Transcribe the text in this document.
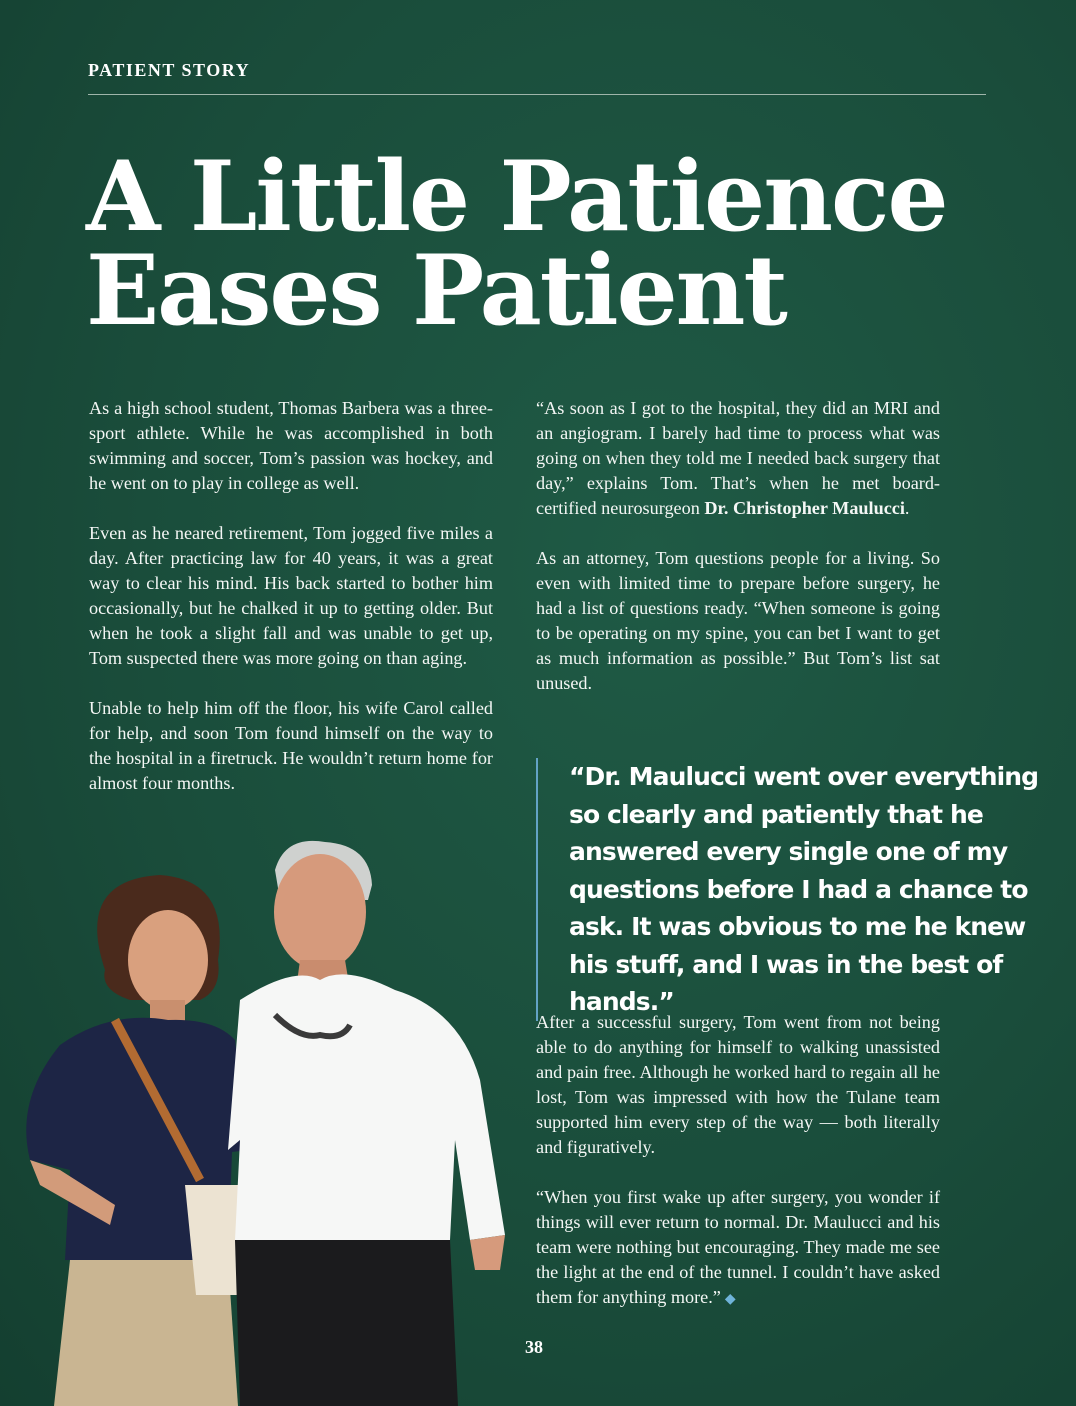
PATIENT STORY
A Little Patience
Eases Patient

As a high school student, Thomas Barbera was a three-sport athlete. While he was accomplished in both swimming and soccer, Tom’s passion was hockey, and he went on to play in college as well.

Even as he neared retirement, Tom jogged five miles a day. After practicing law for 40 years, it was a great way to clear his mind. His back started to bother him occasionally, but he chalked it up to getting older. But when he took a slight fall and was unable to get up, Tom suspected there was more going on than aging.

Unable to help him off the floor, his wife Carol called for help, and soon Tom found himself on the way to the hospital in a firetruck. He wouldn’t return home for almost four months.

“As soon as I got to the hospital, they did an MRI and an angiogram. I barely had time to process what was going on when they told me I needed back surgery that day,” explains Tom. That’s when he met board-certified neurosurgeon Dr. Christopher Maulucci.

As an attorney, Tom questions people for a living. So even with limited time to prepare before surgery, he had a list of questions ready. “When someone is going to be operating on my spine, you can bet I want to get as much information as possible.” But Tom’s list sat unused.

“Dr. Maulucci went over everything so clearly and patiently that he answered every single one of my questions before I had a chance to ask. It was obvious to me he knew his stuff, and I was in the best of hands.”

After a successful surgery, Tom went from not being able to do anything for himself to walking unassisted and pain free. Although he worked hard to regain all he lost, Tom was impressed with how the Tulane team supported him every step of the way — both literally and figuratively.

“When you first wake up after surgery, you wonder if things will ever return to normal. Dr. Maulucci and his team were nothing but encouraging. They made me see the light at the end of the tunnel. I couldn’t have asked them for anything more.” ◆

38
